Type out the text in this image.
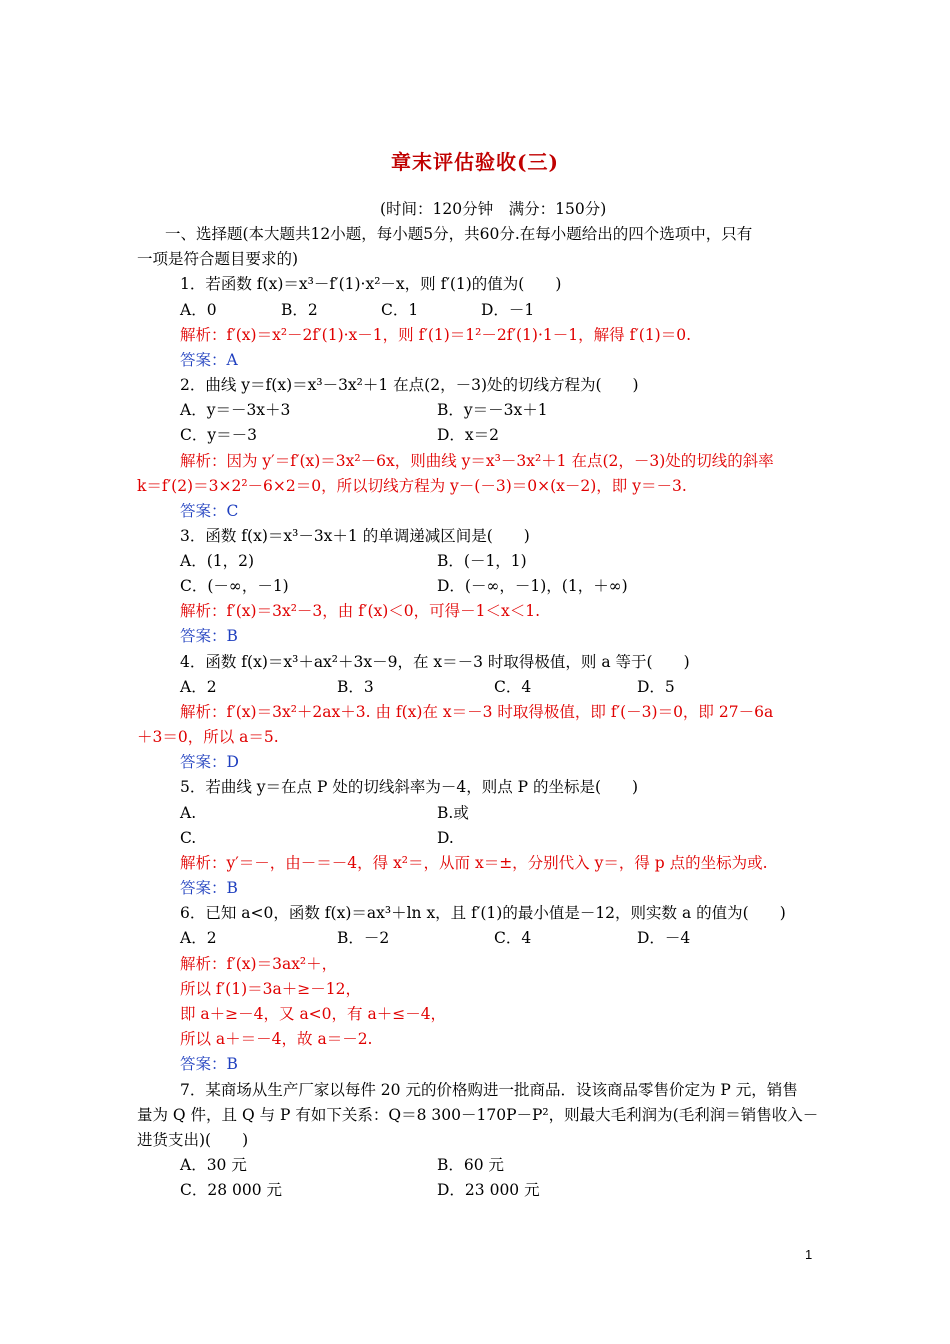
章末评估验收(三)
(时间：120分钟　满分：150分)
一、选择题(本大题共12小题，每小题5分，共60分.在每小题给出的四个选项中，只有
一项是符合题目要求的)
1．若函数 f(x)＝x³－f′(1)·x²－x，则 f′(1)的值为(　　)
A．0	B．2	C．1	D．－1
解析：f′(x)＝x²－2f′(1)·x－1，则 f′(1)＝1²－2f′(1)·1－1，解得 f′(1)＝0.
答案：A
2．曲线 y＝f(x)＝x³－3x²＋1 在点(2，－3)处的切线方程为(　　)
A．y＝－3x＋3	B．y＝－3x＋1
C．y＝－3	D．x＝2
解析：因为 y′＝f′(x)＝3x²－6x，则曲线 y＝x³－3x²＋1 在点(2，－3)处的切线的斜率
k＝f′(2)＝3×2²－6×2＝0，所以切线方程为 y－(－3)＝0×(x－2)，即 y＝－3.
答案：C
3．函数 f(x)＝x³－3x＋1 的单调递减区间是(　　)
A．(1，2)	B．(－1，1)
C．(－∞，－1)	D．(－∞，－1)，(1，＋∞)
解析：f′(x)＝3x²－3，由 f′(x)＜0，可得－1＜x＜1.
答案：B
4．函数 f(x)＝x³＋ax²＋3x－9，在 x＝－3 时取得极值，则 a 等于(　　)
A．2	B．3	C．4	D．5
解析：f′(x)＝3x²＋2ax＋3. 由 f(x)在 x＝－3 时取得极值，即 f′(－3)＝0，即 27－6a
＋3＝0，所以 a＝5.
答案：D
5．若曲线 y＝在点 P 处的切线斜率为－4，则点 P 的坐标是(　　)
A.	B.或
C.	D.
解析：y′＝－，由－＝－4，得 x²＝，从而 x＝±，分别代入 y＝，得 p 点的坐标为或.
答案：B
6．已知 a<0，函数 f(x)＝ax³＋ln x，且 f′(1)的最小值是－12，则实数 a 的值为(　　)
A．2	B．－2	C．4	D．－4
解析：f′(x)＝3ax²＋，
所以 f′(1)＝3a＋≥－12，
即 a＋≥－4，又 a<0，有 a＋≤－4，
所以 a＋＝－4，故 a＝－2.
答案：B
7．某商场从生产厂家以每件 20 元的价格购进一批商品．设该商品零售价定为 P 元，销售
量为 Q 件，且 Q 与 P 有如下关系：Q＝8 300－170P－P²，则最大毛利润为(毛利润＝销售收入－
进货支出)(　　)
A．30 元	B．60 元
C．28 000 元	D．23 000 元
1
